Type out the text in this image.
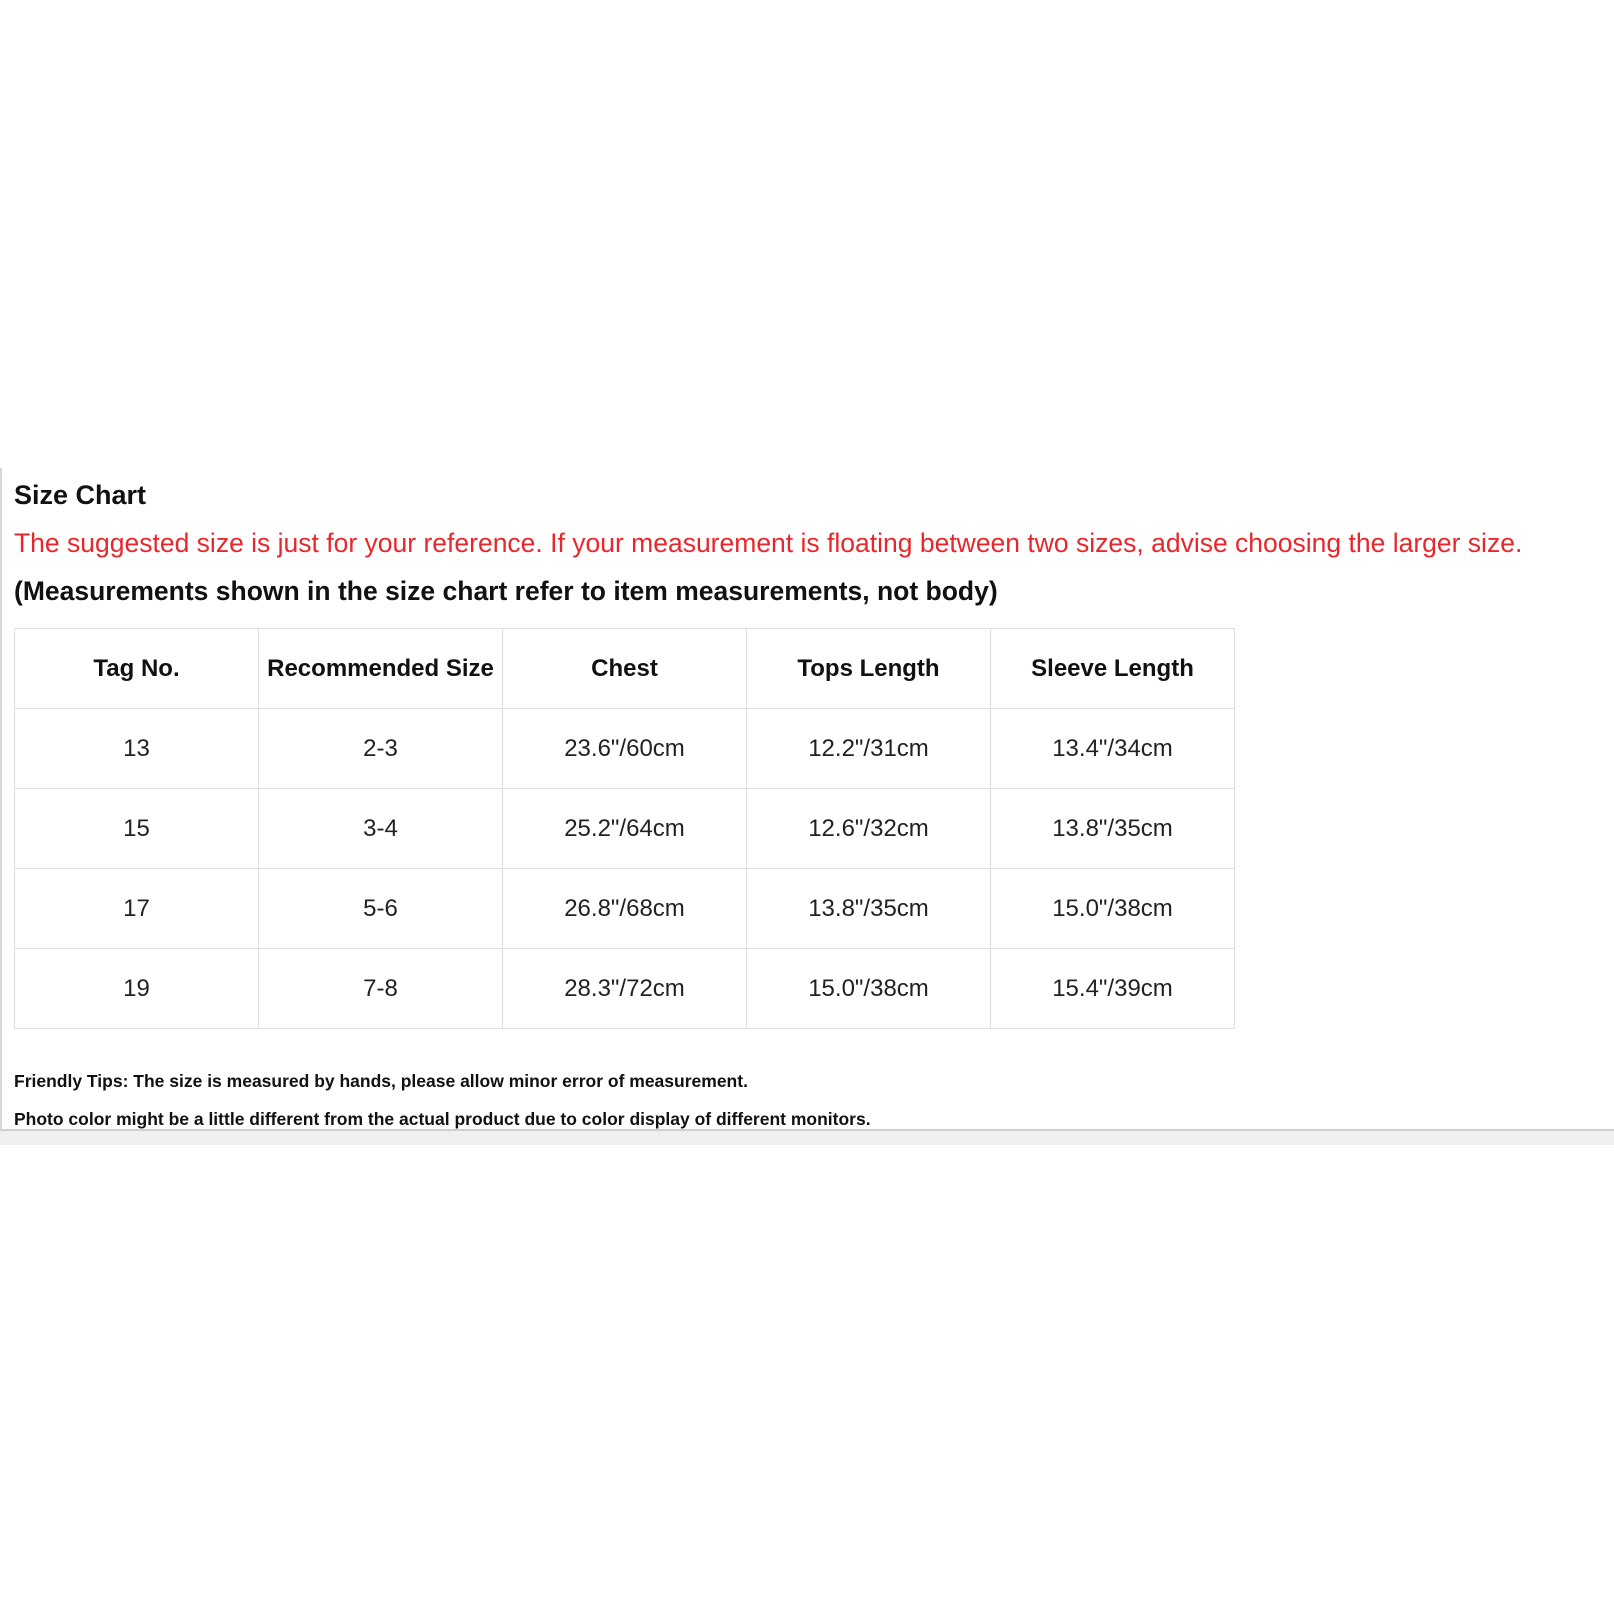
Size Chart

The suggested size is just for your reference. If your measurement is floating between two sizes, advise choosing the larger size.

(Measurements shown in the size chart refer to item measurements, not body)

Tag No.	Recommended Size	Chest	Tops Length	Sleeve Length
13	2-3	23.6"/60cm	12.2"/31cm	13.4"/34cm
15	3-4	25.2"/64cm	12.6"/32cm	13.8"/35cm
17	5-6	26.8"/68cm	13.8"/35cm	15.0"/38cm
19	7-8	28.3"/72cm	15.0"/38cm	15.4"/39cm

Friendly Tips: The size is measured by hands, please allow minor error of measurement.

Photo color might be a little different from the actual product due to color display of different monitors.
